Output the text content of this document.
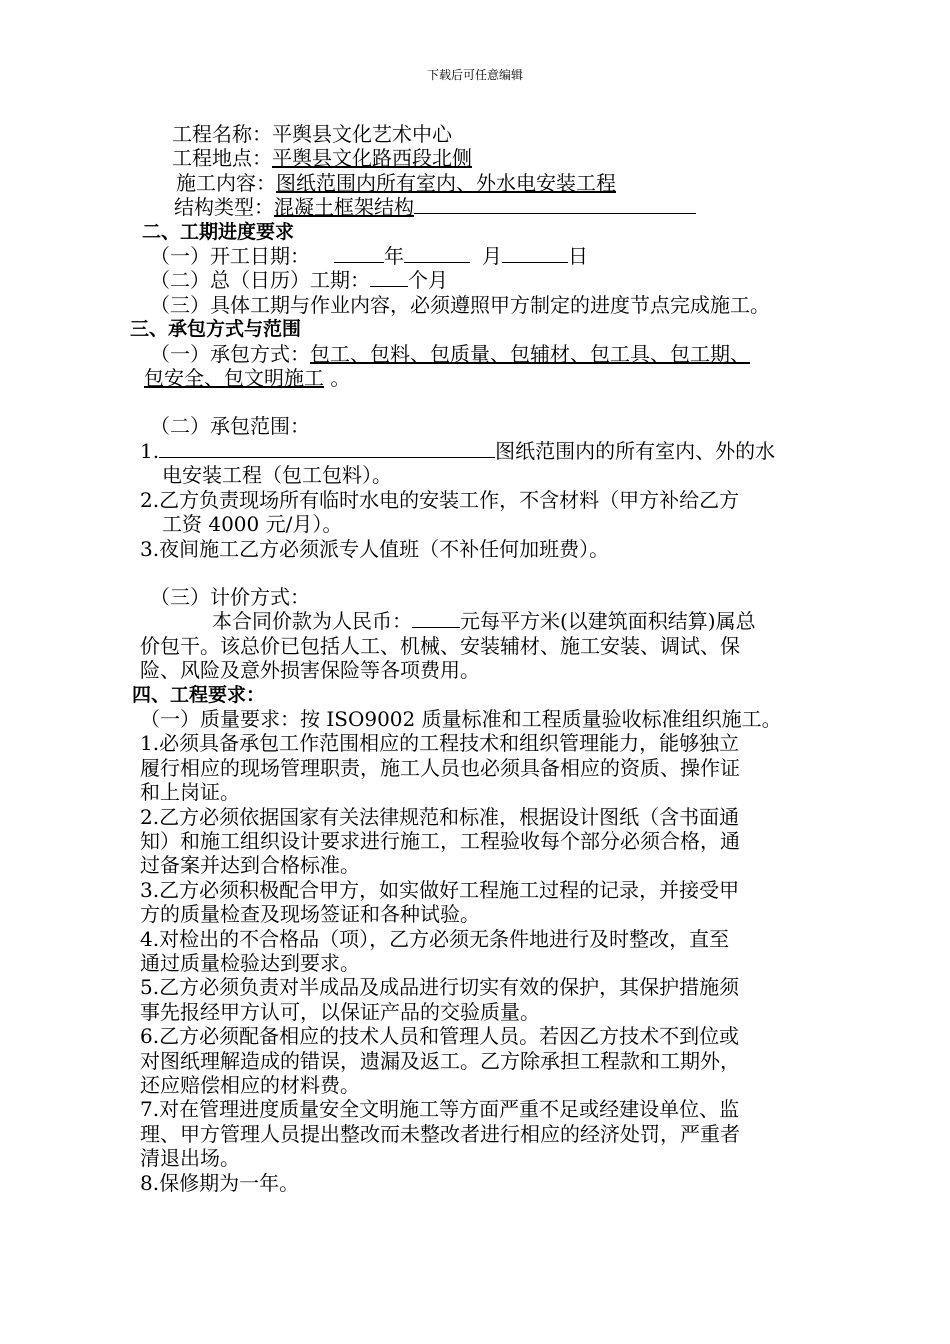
下载后可任意编辑
工程名称：平舆县文化艺术中心
工程地点：平舆县文化路西段北侧
施工内容：图纸范围内所有室内、外水电安装工程
结构类型：混凝土框架结构
二、工期进度要求
（一）开工日期：	年	月	日
（二）总（日历）工期： 个月
（三）具体工期与作业内容，必须遵照甲方制定的进度节点完成施工。
三、承包方式与范围
（一）承包方式：包工、包料、包质量、包辅材、包工具、包工期、
包安全、包文明施工 。
（二）承包范围：
1.	图纸范围内的所有室内、外的水
电安装工程（包工包料）。
2.乙方负责现场所有临时水电的安装工作，不含材料（甲方补给乙方
工资 4000 元/月）。
3.夜间施工乙方必须派专人值班（不补任何加班费）。
（三）计价方式：
本合同价款为人民币： 元每平方米(以建筑面积结算)属总
价包干。该总价已包括人工、机械、安装辅材、施工安装、调试、保
险、风险及意外损害保险等各项费用。
四、工程要求：
（一）质量要求：按 ISO9002 质量标准和工程质量验收标准组织施工。
1.必须具备承包工作范围相应的工程技术和组织管理能力，能够独立
履行相应的现场管理职责，施工人员也必须具备相应的资质、操作证
和上岗证。
2.乙方必须依据国家有关法律规范和标准，根据设计图纸（含书面通
知）和施工组织设计要求进行施工，工程验收每个部分必须合格，通
过备案并达到合格标准。
3.乙方必须积极配合甲方，如实做好工程施工过程的记录，并接受甲
方的质量检查及现场签证和各种试验。
4.对检出的不合格品（项），乙方必须无条件地进行及时整改，直至
通过质量检验达到要求。
5.乙方必须负责对半成品及成品进行切实有效的保护，其保护措施须
事先报经甲方认可，以保证产品的交验质量。
6.乙方必须配备相应的技术人员和管理人员。若因乙方技术不到位或
对图纸理解造成的错误，遗漏及返工。乙方除承担工程款和工期外，
还应赔偿相应的材料费。
7.对在管理进度质量安全文明施工等方面严重不足或经建设单位、监
理、甲方管理人员提出整改而未整改者进行相应的经济处罚，严重者
清退出场。
8.保修期为一年。
